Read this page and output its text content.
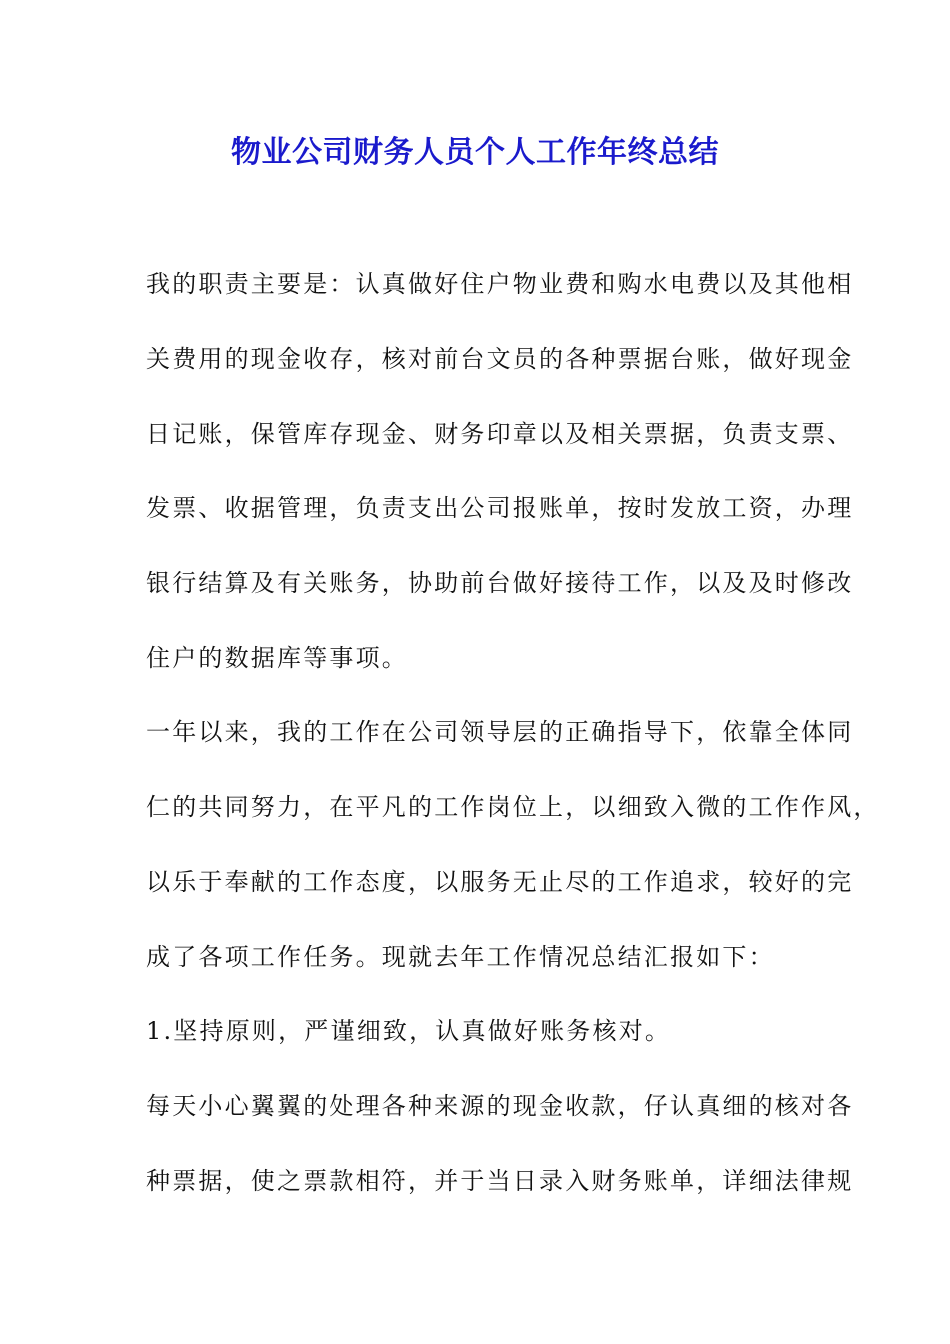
物业公司财务人员个人工作年终总结
我的职责主要是：认真做好住户物业费和购水电费以及其他相
关费用的现金收存，核对前台文员的各种票据台账，做好现金
日记账，保管库存现金、财务印章以及相关票据，负责支票、
发票、收据管理，负责支出公司报账单，按时发放工资，办理
银行结算及有关账务，协助前台做好接待工作，以及及时修改
住户的数据库等事项。
一年以来，我的工作在公司领导层的正确指导下，依靠全体同
仁的共同努力，在平凡的工作岗位上，以细致入微的工作作风，
以乐于奉献的工作态度，以服务无止尽的工作追求，较好的完
成了各项工作任务。现就去年工作情况总结汇报如下：
1.坚持原则，严谨细致，认真做好账务核对。
每天小心翼翼的处理各种来源的现金收款，仔认真细的核对各
种票据，使之票款相符，并于当日录入财务账单，详细法律规
